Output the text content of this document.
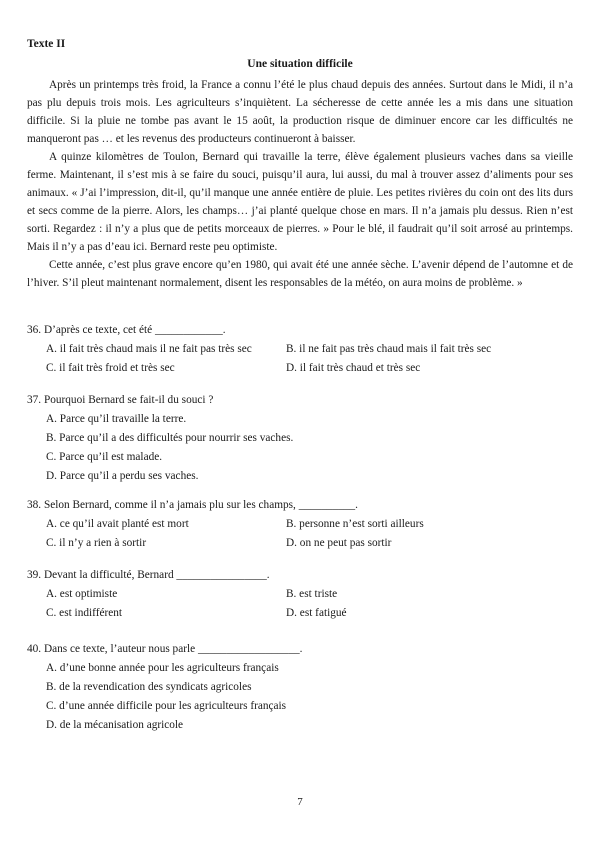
Texte II
Une situation difficile

Après un printemps très froid, la France a connu l’été le plus chaud depuis des années. Surtout dans le Midi, il n’a pas plu depuis trois mois. Les agriculteurs s’inquiètent. La sécheresse de cette année les a mis dans une situation difficile. Si la pluie ne tombe pas avant le 15 août, la production risque de diminuer encore car les difficultés ne manqueront pas … et les revenus des producteurs continueront à baisser.

A quinze kilomètres de Toulon, Bernard qui travaille la terre, élève également plusieurs vaches dans sa vieille ferme. Maintenant, il s’est mis à se faire du souci, puisqu’il aura, lui aussi, du mal à trouver assez d’aliments pour ses animaux. « J’ai l’impression, dit-il, qu’il manque une année entière de pluie. Les petites rivières du coin ont des lits durs et secs comme de la pierre. Alors, les champs… j’ai planté quelque chose en mars. Il n’a jamais plu dessus. Rien n’est sorti. Regardez : il n’y a plus que de petits morceaux de pierres. » Pour le blé, il faudrait qu’il soit arrosé au printemps. Mais il n’y a pas d’eau ici. Bernard reste peu optimiste.

Cette année, c’est plus grave encore qu’en 1980, qui avait été une année sèche. L’avenir dépend de l’automne et de l’hiver. S’il pleut maintenant normalement, disent les responsables de la météo, on aura moins de problème. »

36. D’après ce texte, cet été ____________.
A. il fait très chaud mais il ne fait pas très sec	B. il ne fait pas très chaud mais il fait très sec
C. il fait très froid et très sec	D. il fait très chaud et très sec
37. Pourquoi Bernard se fait-il du souci ?
A. Parce qu’il travaille la terre.
B. Parce qu’il a des difficultés pour nourrir ses vaches.
C. Parce qu’il est malade.
D. Parce qu’il a perdu ses vaches.
38. Selon Bernard, comme il n’a jamais plu sur les champs, __________.
A. ce qu’il avait planté est mort	B. personne n’est sorti ailleurs
C. il n’y a rien à sortir	D. on ne peut pas sortir
39. Devant la difficulté, Bernard ________________.
A. est optimiste	B. est triste
C. est indifférent	D. est fatigué
40. Dans ce texte, l’auteur nous parle __________________.
A. d’une bonne année pour les agriculteurs français
B. de la revendication des syndicats agricoles
C. d’une année difficile pour les agriculteurs français
D. de la mécanisation agricole
7
